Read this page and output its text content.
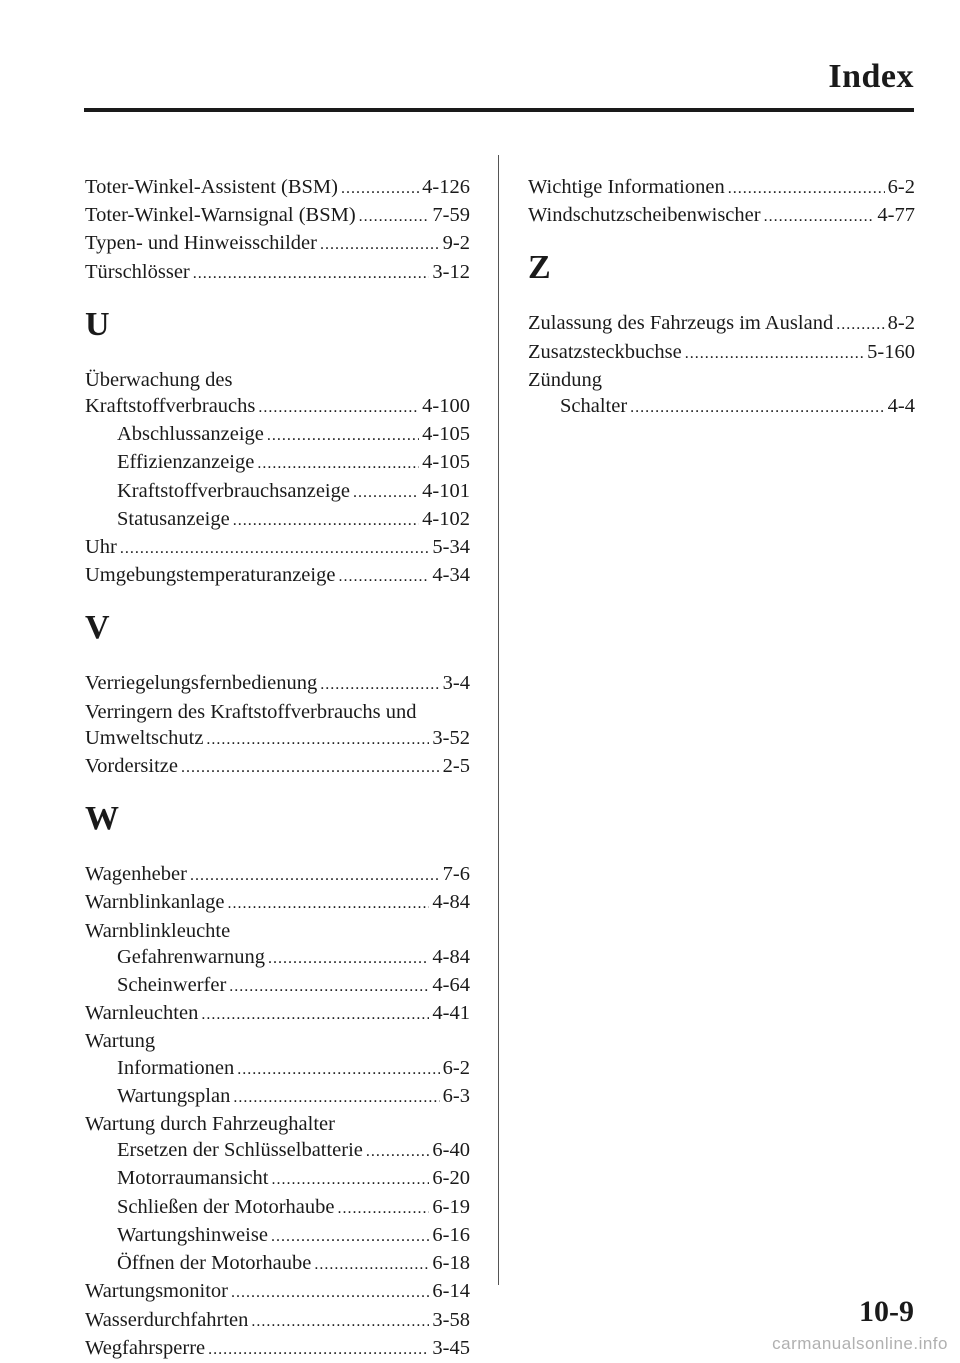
Index
Toter-Winkel-Assistent (BSM) .....	4-126
Toter-Winkel-Warnsignal (BSM) .....	7-59
Typen- und Hinweisschilder .....	9-2
Türschlösser .....	3-12
U
Überwachung des
Kraftstoffverbrauchs .....	4-100
Abschlussanzeige .....	4-105
Effizienzanzeige .....	4-105
Kraftstoffverbrauchsanzeige .....	4-101
Statusanzeige .....	4-102
Uhr .....	5-34
Umgebungstemperaturanzeige .....	4-34
V
Verriegelungsfernbedienung .....	3-4
Verringern des Kraftstoffverbrauchs und
Umweltschutz .....	3-52
Vordersitze .....	2-5
W
Wagenheber .....	7-6
Warnblinkanlage .....	4-84
Warnblinkleuchte
Gefahrenwarnung .....	4-84
Scheinwerfer .....	4-64
Warnleuchten .....	4-41
Wartung
Informationen .....	6-2
Wartungsplan .....	6-3
Wartung durch Fahrzeughalter
Ersetzen der Schlüsselbatterie .....	6-40
Motorraumansicht .....	6-20
Schließen der Motorhaube .....	6-19
Wartungshinweise .....	6-16
Öffnen der Motorhaube .....	6-18
Wartungsmonitor .....	6-14
Wasserdurchfahrten .....	3-58
Wegfahrsperre .....	3-45
Wichtige Informationen .....	6-2
Windschutzscheibenwischer .....	4-77
Z
Zulassung des Fahrzeugs im Ausland .....	8-2
Zusatzsteckbuchse .....	5-160
Zündung
Schalter .....	4-4
10-9
carmanualsonline.info
